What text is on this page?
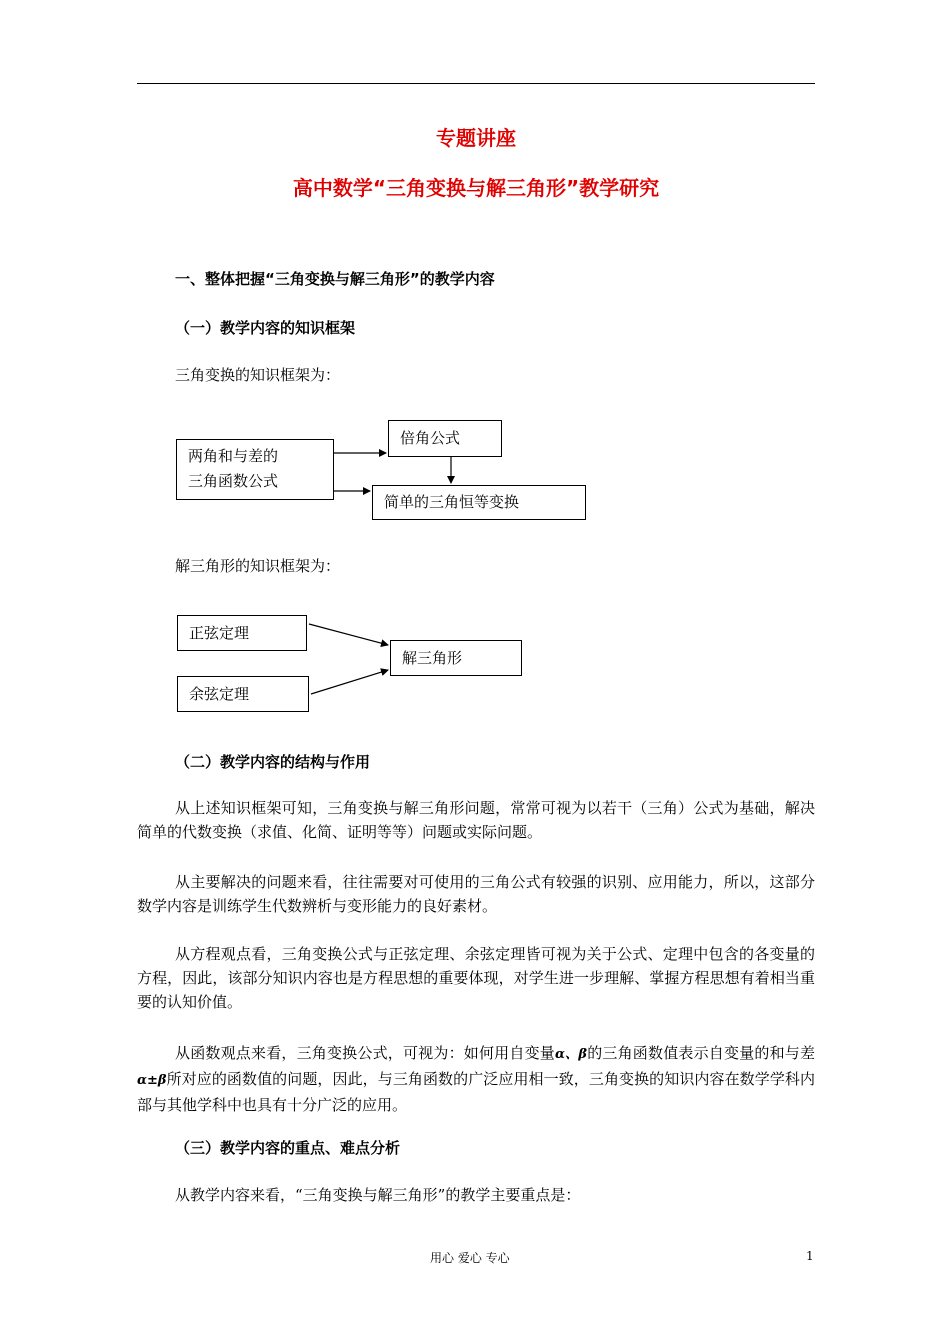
专题讲座
高中数学“三角变换与解三角形”教学研究
一、整体把握“三角变换与解三角形”的教学内容
（一）教学内容的知识框架
三角变换的知识框架为：
两角和与差的
三角函数公式
倍角公式
简单的三角恒等变换
解三角形的知识框架为：
正弦定理
余弦定理
解三角形
（二）教学内容的结构与作用
从上述知识框架可知，三角变换与解三角形问题，常常可视为以若干（三角）公式为基础，解决简单的代数变换（求值、化简、证明等等）问题或实际问题。
从主要解决的问题来看，往往需要对可使用的三角公式有较强的识别、应用能力，所以，这部分数学内容是训练学生代数辨析与变形能力的良好素材。
从方程观点看，三角变换公式与正弦定理、余弦定理皆可视为关于公式、定理中包含的各变量的方程，因此，该部分知识内容也是方程思想的重要体现，对学生进一步理解、掌握方程思想有着相当重要的认知价值。
从函数观点来看，三角变换公式，可视为：如何用自变量α、β的三角函数值表示自变量的和与差α±β所对应的函数值的问题，因此，与三角函数的广泛应用相一致，三角变换的知识内容在数学学科内部与其他学科中也具有十分广泛的应用。
（三）教学内容的重点、难点分析
从教学内容来看，“三角变换与解三角形”的教学主要重点是：
用心 爱心 专心	1
